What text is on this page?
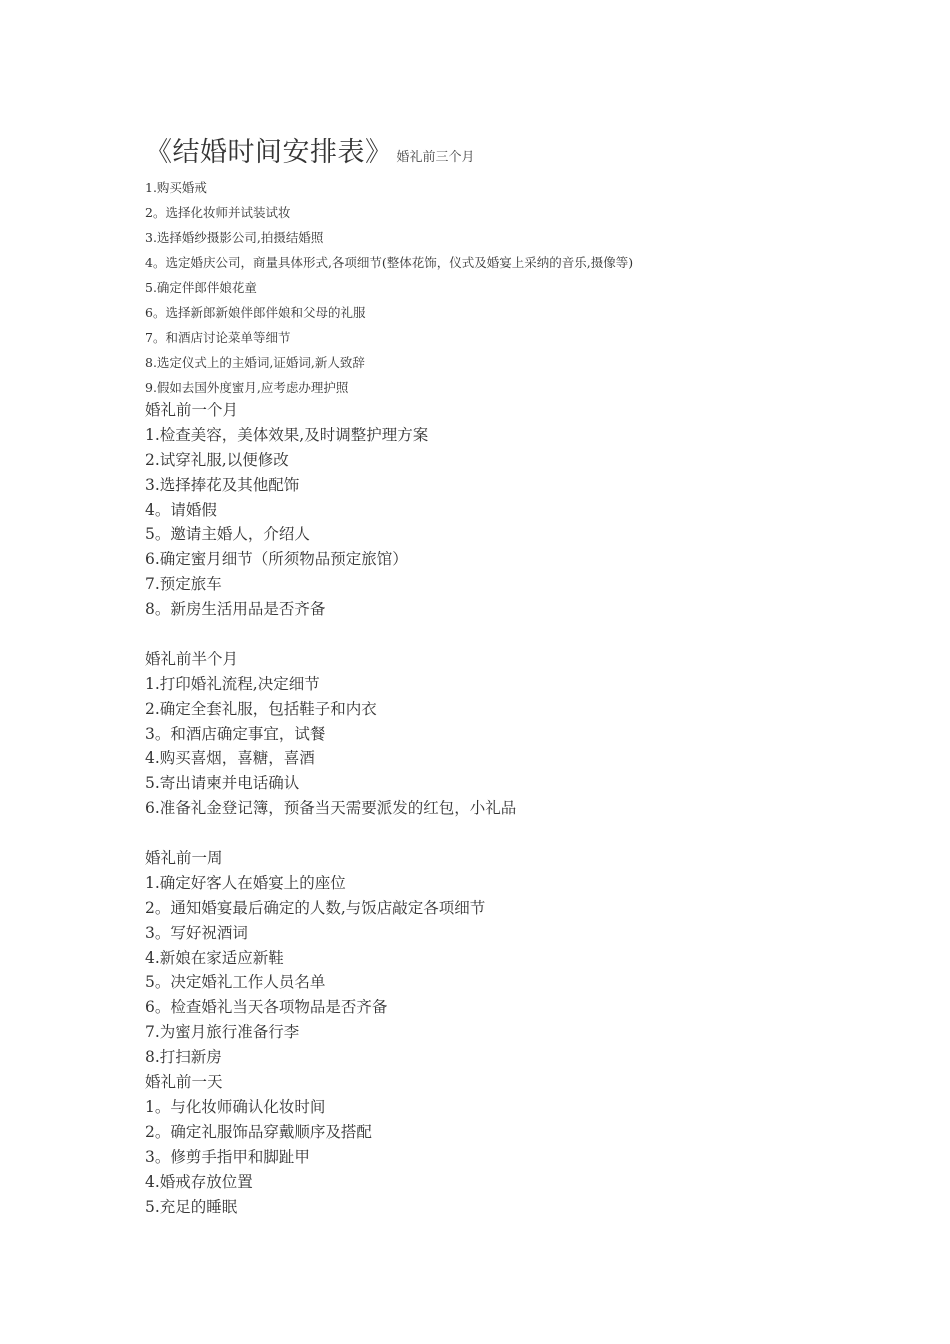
《结婚时间安排表》 婚礼前三个月
1.购买婚戒
2。选择化妆师并试装试妆
3.选择婚纱摄影公司,拍摄结婚照
4。选定婚庆公司，商量具体形式,各项细节(整体花饰，仪式及婚宴上采纳的音乐,摄像等)
5.确定伴郎伴娘花童
6。选择新郎新娘伴郎伴娘和父母的礼服
7。和酒店讨论菜单等细节
8.选定仪式上的主婚词,证婚词,新人致辞
9.假如去国外度蜜月,应考虑办理护照
婚礼前一个月
1.检查美容，美体效果,及时调整护理方案
2.试穿礼服,以便修改
3.选择捧花及其他配饰
4。请婚假
5。邀请主婚人，介绍人
6.确定蜜月细节（所须物品预定旅馆）
7.预定旅车
8。新房生活用品是否齐备
婚礼前半个月
1.打印婚礼流程,决定细节
2.确定全套礼服，包括鞋子和内衣
3。和酒店确定事宜，试餐
4.购买喜烟，喜糖，喜酒
5.寄出请柬并电话确认
6.准备礼金登记簿，预备当天需要派发的红包，小礼品
婚礼前一周
1.确定好客人在婚宴上的座位
2。通知婚宴最后确定的人数,与饭店敲定各项细节
3。写好祝酒词
4.新娘在家适应新鞋
5。决定婚礼工作人员名单
6。检查婚礼当天各项物品是否齐备
7.为蜜月旅行准备行李
8.打扫新房
婚礼前一天
1。与化妆师确认化妆时间
2。确定礼服饰品穿戴顺序及搭配
3。修剪手指甲和脚趾甲
4.婚戒存放位置
5.充足的睡眠
